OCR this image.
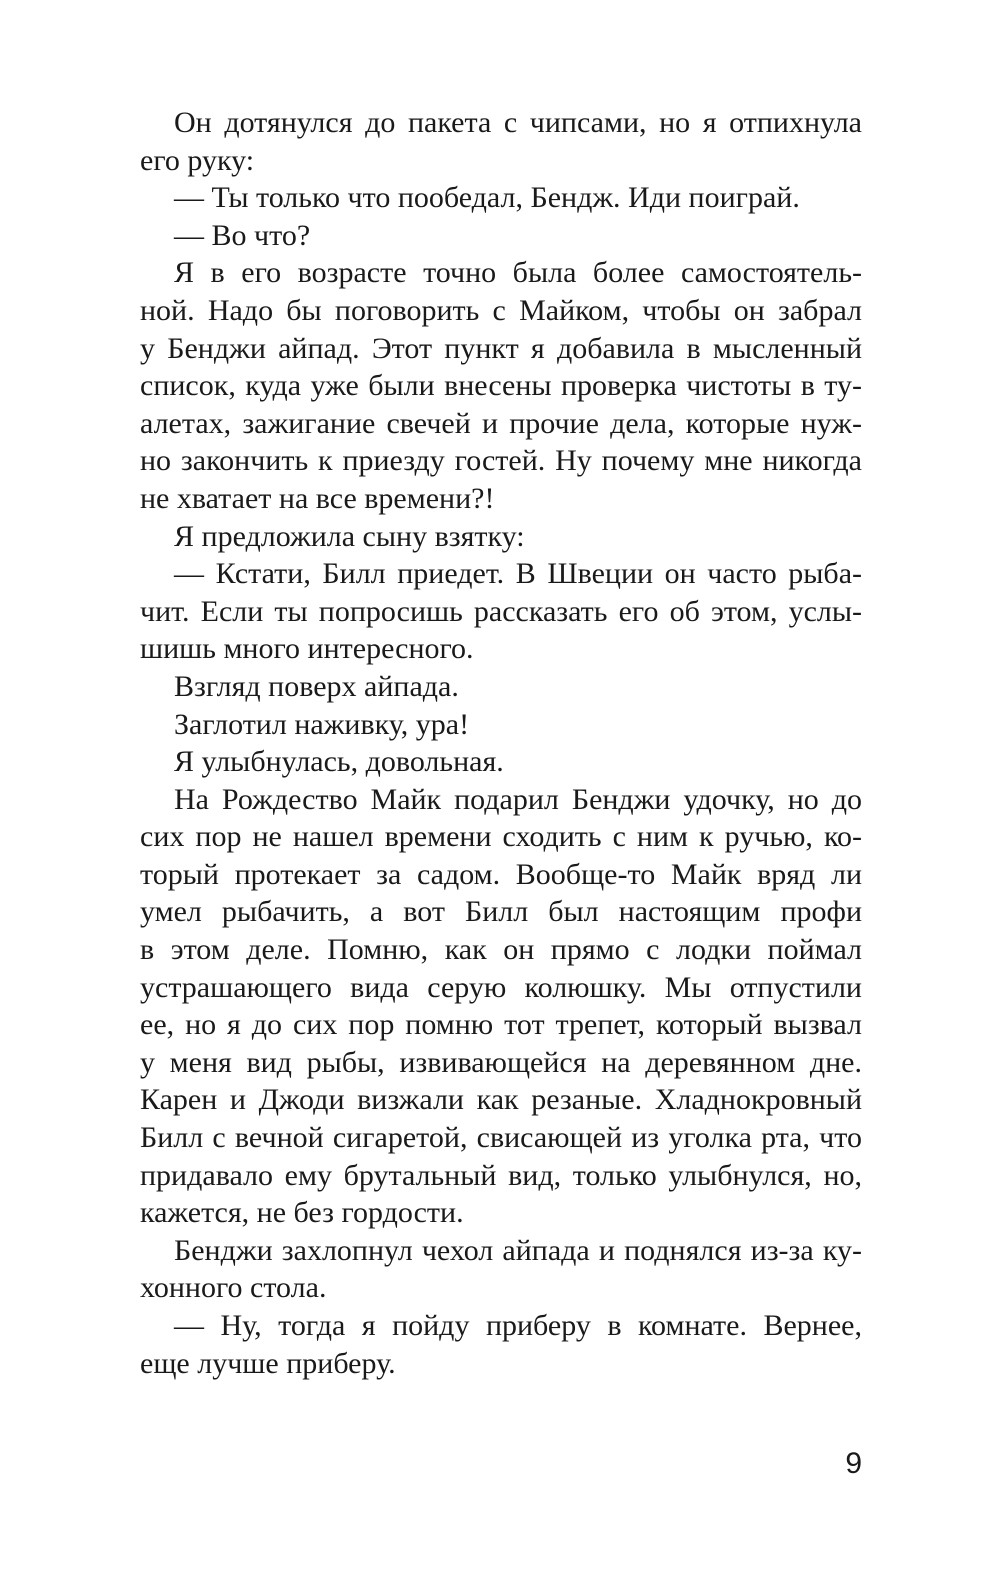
Он дотянулся до пакета с чипсами, но я отпихнула
его руку:
— Ты только что пообедал, Бендж. Иди поиграй.
— Во что?
Я в его возрасте точно была более самостоятель-
ной. Надо бы поговорить с Майком, чтобы он забрал
у Бенджи айпад. Этот пункт я добавила в мысленный
список, куда уже были внесены проверка чистоты в ту-
алетах, зажигание свечей и прочие дела, которые нуж-
но закончить к приезду гостей. Ну почему мне никогда
не хватает на все времени?!
Я предложила сыну взятку:
— Кстати, Билл приедет. В Швеции он часто рыба-
чит. Если ты попросишь рассказать его об этом, услы-
шишь много интересного.
Взгляд поверх айпада.
Заглотил наживку, ура!
Я улыбнулась, довольная.
На Рождество Майк подарил Бенджи удочку, но до
сих пор не нашел времени сходить с ним к ручью, ко-
торый протекает за садом. Вообще-то Майк вряд ли
умел рыбачить, а вот Билл был настоящим профи
в этом деле. Помню, как он прямо с лодки поймал
устрашающего вида серую колюшку. Мы отпустили
ее, но я до сих пор помню тот трепет, который вызвал
у меня вид рыбы, извивающейся на деревянном дне.
Карен и Джоди визжали как резаные. Хладнокровный
Билл с вечной сигаретой, свисающей из уголка рта, что
придавало ему брутальный вид, только улыбнулся, но,
кажется, не без гордости.
Бенджи захлопнул чехол айпада и поднялся из-за ку-
хонного стола.
— Ну, тогда я пойду приберу в комнате. Вернее,
еще лучше приберу.
9
